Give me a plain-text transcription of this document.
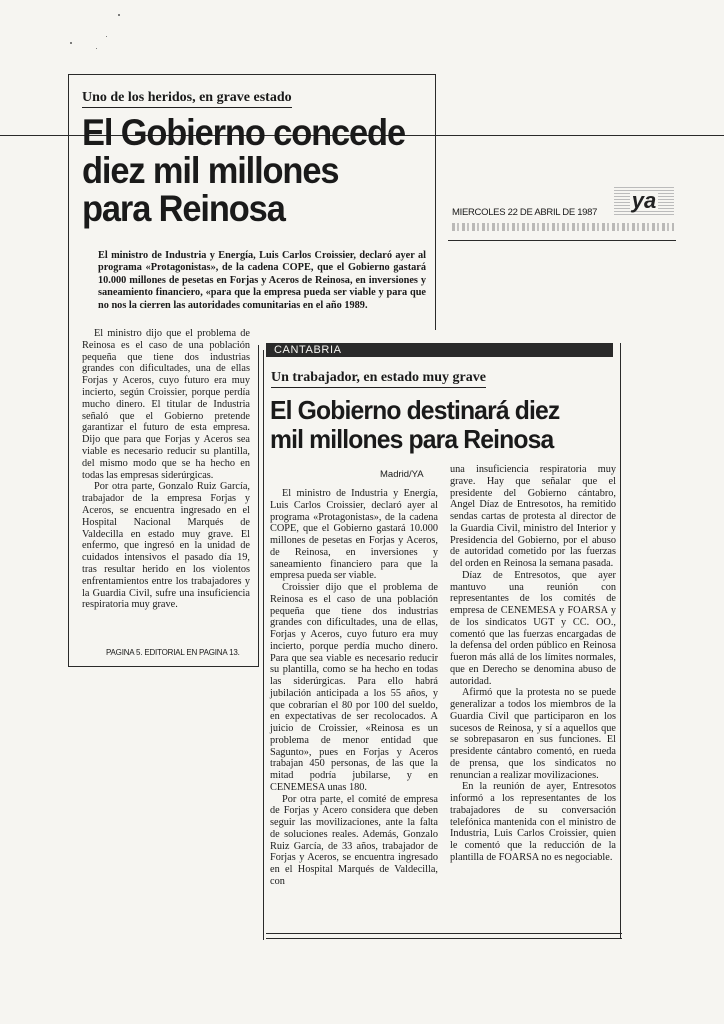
Uno de los heridos, en grave estado
El Gobierno concede diez mil millones para Reinosa
El ministro de Industria y Energía, Luis Carlos Croissier, declaró ayer al programa «Protagonistas», de la cadena COPE, que el Gobierno gastará 10.000 millones de pesetas en Forjas y Aceros de Reinosa, en inversiones y saneamiento financiero, «para que la empresa pueda ser viable y para que no nos la cierren las autoridades comunitarias en el año 1989.

El ministro dijo que el problema de Reinosa es el caso de una población pequeña que tiene dos industrias grandes con dificultades, una de ellas Forjas y Aceros, cuyo futuro era muy incierto, según Croissier, porque perdía mucho dinero. El titular de Industria señaló que el Gobierno pretende garantizar el futuro de esta empresa. Dijo que para que Forjas y Aceros sea viable es necesario reducir su plantilla, del mismo modo que se ha hecho en todas las empresas siderúrgicas.

Por otra parte, Gonzalo Ruiz García, trabajador de la empresa Forjas y Aceros, se encuentra ingresado en el Hospital Nacional Marqués de Valdecilla en estado muy grave. El enfermo, que ingresó en la unidad de cuidados intensivos el pasado día 19, tras resultar herido en los violentos enfrentamientos entre los trabajadores y la Guardia Civil, sufre una insuficiencia respiratoria muy grave.

PAGINA 5. EDITORIAL EN PAGINA 13.
MIERCOLES 22 DE ABRIL DE 1987 ya
CANTABRIA
Un trabajador, en estado muy grave
El Gobierno destinará diez mil millones para Reinosa
Madrid/YA

El ministro de Industria y Energía, Luis Carlos Croissier, declaró ayer al programa «Protagonistas», de la cadena COPE, que el Gobierno gastará 10.000 millones de pesetas en Forjas y Aceros, de Reinosa, en inversiones y saneamiento financiero para que la empresa pueda ser viable.

Croissier dijo que el problema de Reinosa es el caso de una población pequeña que tiene dos industrias grandes con dificultades, una de ellas, Forjas y Aceros, cuyo futuro era muy incierto, porque perdía mucho dinero. Para que sea viable es necesario reducir su plantilla, como se ha hecho en todas las siderúrgicas. Para ello habrá jubilación anticipada a los 55 años, y que cobrarían el 80 por 100 del sueldo, en expectativas de ser recolocados. A juicio de Croissier, «Reinosa es un problema de menor entidad que Sagunto», pues en Forjas y Aceros trabajan 450 personas, de las que la mitad podría jubilarse, y en CENEMESA unas 180.

Por otra parte, el comité de empresa de Forjas y Acero considera que deben seguir las movilizaciones, ante la falta de soluciones reales. Además, Gonzalo Ruiz García, de 33 años, trabajador de Forjas y Aceros, se encuentra ingresado en el Hospital Marqués de Valdecilla, con

una insuficiencia respiratoria muy grave. Hay que señalar que el presidente del Gobierno cántabro, Angel Díaz de Entresotos, ha remitido sendas cartas de protesta al director de la Guardia Civil, ministro del Interior y Presidencia del Gobierno, por el abuso de autoridad cometido por las fuerzas del orden en Reinosa la semana pasada.

Díaz de Entresotos, que ayer mantuvo una reunión con representantes de los comités de empresa de CENEMESA y FOARSA y de los sindicatos UGT y CC. OO., comentó que las fuerzas encargadas de la defensa del orden público en Reinosa fueron más allá de los límites normales, que en Derecho se denomina abuso de autoridad.

Afirmó que la protesta no se puede generalizar a todos los miembros de la Guardia Civil que participaron en los sucesos de Reinosa, y sí a aquellos que se sobrepasaron en sus funciones. El presidente cántabro comentó, en rueda de prensa, que los sindicatos no renuncian a realizar movilizaciones.

En la reunión de ayer, Entresotos informó a los representantes de los trabajadores de su conversación telefónica mantenida con el ministro de Industria, Luis Carlos Croissier, quien le comentó que la reducción de la plantilla de FOARSA no es negociable.
